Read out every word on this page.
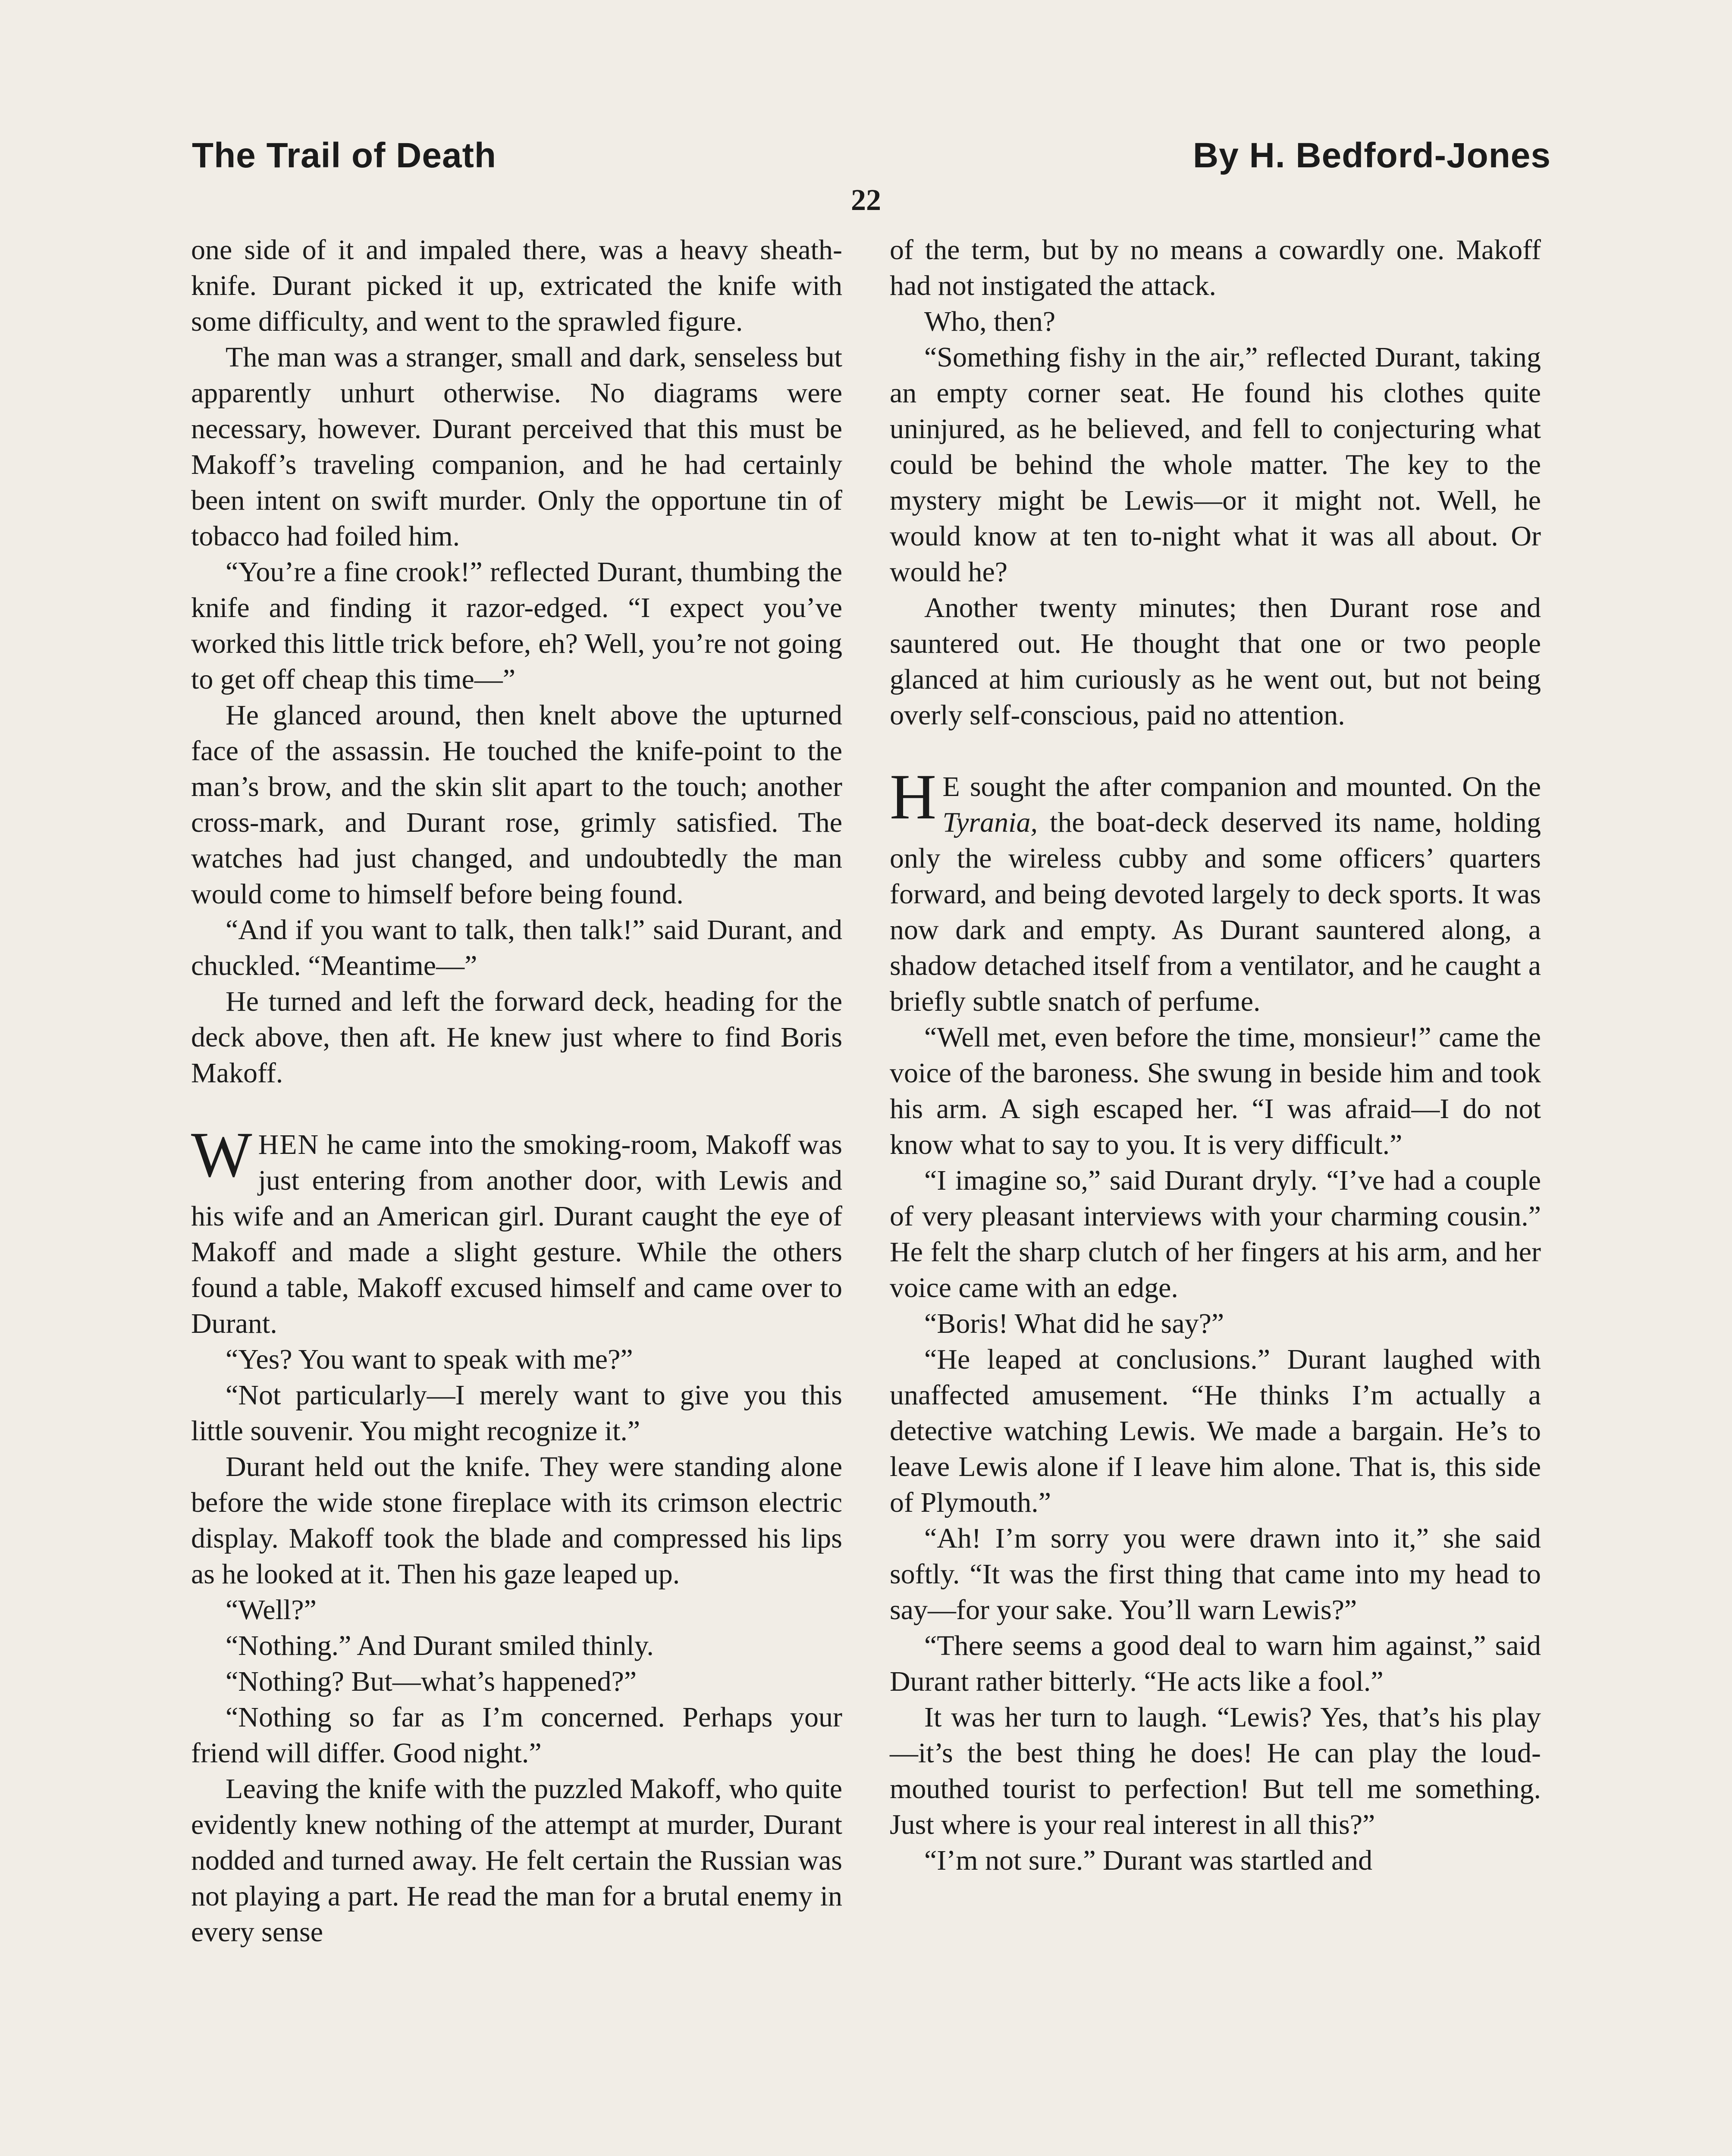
The Trail of Death	By H. Bedford-Jones
22

one side of it and impaled there, was a heavy sheath-knife. Durant picked it up, extricated the knife with some difficulty, and went to the sprawled figure.

The man was a stranger, small and dark, senseless but apparently unhurt otherwise. No diagrams were necessary, however. Durant perceived that this must be Makoff’s traveling companion, and he had certainly been intent on swift murder. Only the opportune tin of tobacco had foiled him.

“You’re a fine crook!” reflected Durant, thumbing the knife and finding it razor-edged. “I expect you’ve worked this little trick before, eh? Well, you’re not going to get off cheap this time—”

He glanced around, then knelt above the upturned face of the assassin. He touched the knife-point to the man’s brow, and the skin slit apart to the touch; another cross-mark, and Durant rose, grimly satisfied. The watches had just changed, and undoubtedly the man would come to himself before being found.

“And if you want to talk, then talk!” said Durant, and chuckled. “Meantime—”

He turned and left the forward deck, heading for the deck above, then aft. He knew just where to find Boris Makoff.

WHEN he came into the smoking-room, Makoff was just entering from another door, with Lewis and his wife and an American girl. Durant caught the eye of Makoff and made a slight gesture. While the others found a table, Makoff excused himself and came over to Durant.

“Yes? You want to speak with me?”

“Not particularly—I merely want to give you this little souvenir. You might recognize it.”

Durant held out the knife. They were standing alone before the wide stone fireplace with its crimson electric display. Makoff took the blade and compressed his lips as he looked at it. Then his gaze leaped up.

“Well?”

“Nothing.” And Durant smiled thinly.

“Nothing? But—what’s happened?”

“Nothing so far as I’m concerned. Perhaps your friend will differ. Good night.”

Leaving the knife with the puzzled Makoff, who quite evidently knew nothing of the attempt at murder, Durant nodded and turned away. He felt certain the Russian was not playing a part. He read the man for a brutal enemy in every sense

of the term, but by no means a cowardly one. Makoff had not instigated the attack.

Who, then?

“Something fishy in the air,” reflected Durant, taking an empty corner seat. He found his clothes quite uninjured, as he believed, and fell to conjecturing what could be behind the whole matter. The key to the mystery might be Lewis—or it might not. Well, he would know at ten to-night what it was all about. Or would he?

Another twenty minutes; then Durant rose and sauntered out. He thought that one or two people glanced at him curiously as he went out, but not being overly self-conscious, paid no attention.

H E sought the after companion and mounted. On the Tyrania, the boat-deck deserved its name, holding only the wireless cubby and some officers’ quarters forward, and being devoted largely to deck sports. It was now dark and empty. As Durant sauntered along, a shadow detached itself from a ventilator, and he caught a briefly subtle snatch of perfume.

“Well met, even before the time, monsieur!” came the voice of the baroness. She swung in beside him and took his arm. A sigh escaped her. “I was afraid—I do not know what to say to you. It is very difficult.”

“I imagine so,” said Durant dryly. “I’ve had a couple of very pleasant interviews with your charming cousin.” He felt the sharp clutch of her fingers at his arm, and her voice came with an edge.

“Boris! What did he say?”

“He leaped at conclusions.” Durant laughed with unaffected amusement. “He thinks I’m actually a detective watching Lewis. We made a bargain. He’s to leave Lewis alone if I leave him alone. That is, this side of Plymouth.”

“Ah! I’m sorry you were drawn into it,” she said softly. “It was the first thing that came into my head to say—for your sake. You’ll warn Lewis?”

“There seems a good deal to warn him against,” said Durant rather bitterly. “He acts like a fool.”

It was her turn to laugh. “Lewis? Yes, that’s his play—it’s the best thing he does! He can play the loud-mouthed tourist to perfection! But tell me something. Just where is your real interest in all this?”

“I’m not sure.” Durant was startled and
